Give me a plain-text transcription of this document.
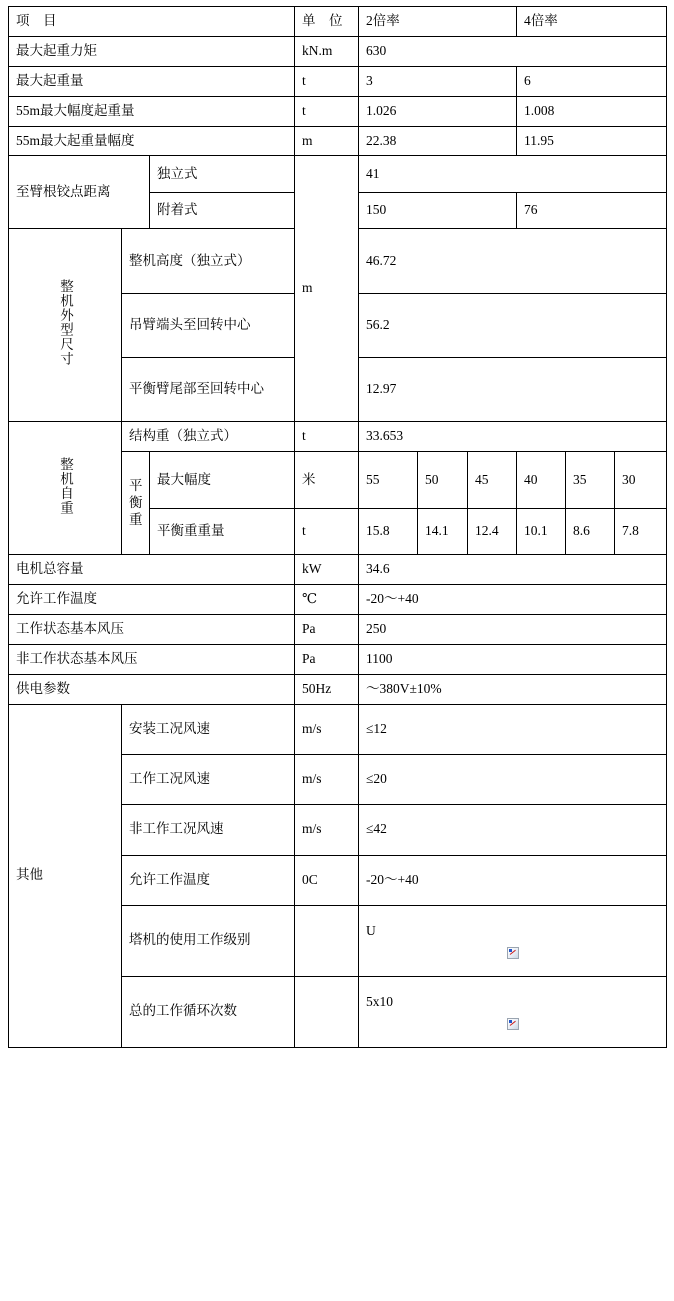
项　目			单　位	2倍率			4倍率		
最大起重力矩			kN.m	630					
最大起重量			t	3			6		
55m最大幅度起重量			t	1.026			1.008		
55m最大起重量幅度			m	22.38			11.95		
至臂根铰点距离		独立式	m	41					
		附着式		150			76		
整机外型尺寸	整机高度（独立式）			46.72					
	吊臂端头至回转中心			56.2					
	平衡臂尾部至回转中心			12.97					
整机自重	结构重（独立式）		t	33.653					
	平衡重	最大幅度	米	55	50	45	40	35	30
		平衡重重量	t	15.8	14.1	12.4	10.1	8.6	7.8
电机总容量			kW	34.6					
允许工作温度			℃	-20～+40					
工作状态基本风压			Pa	250					
非工作状态基本风压			Pa	1100					
供电参数			50Hz	～380V±10%					
其他	安装工况风速		m/s	≤12					
	工作工况风速		m/s	≤20					
	非工作工况风速		m/s	≤42					
	允许工作温度		0C	-20～+40					
	塔机的使用工作级别			U					

	总的工作循环次数			5x10					
